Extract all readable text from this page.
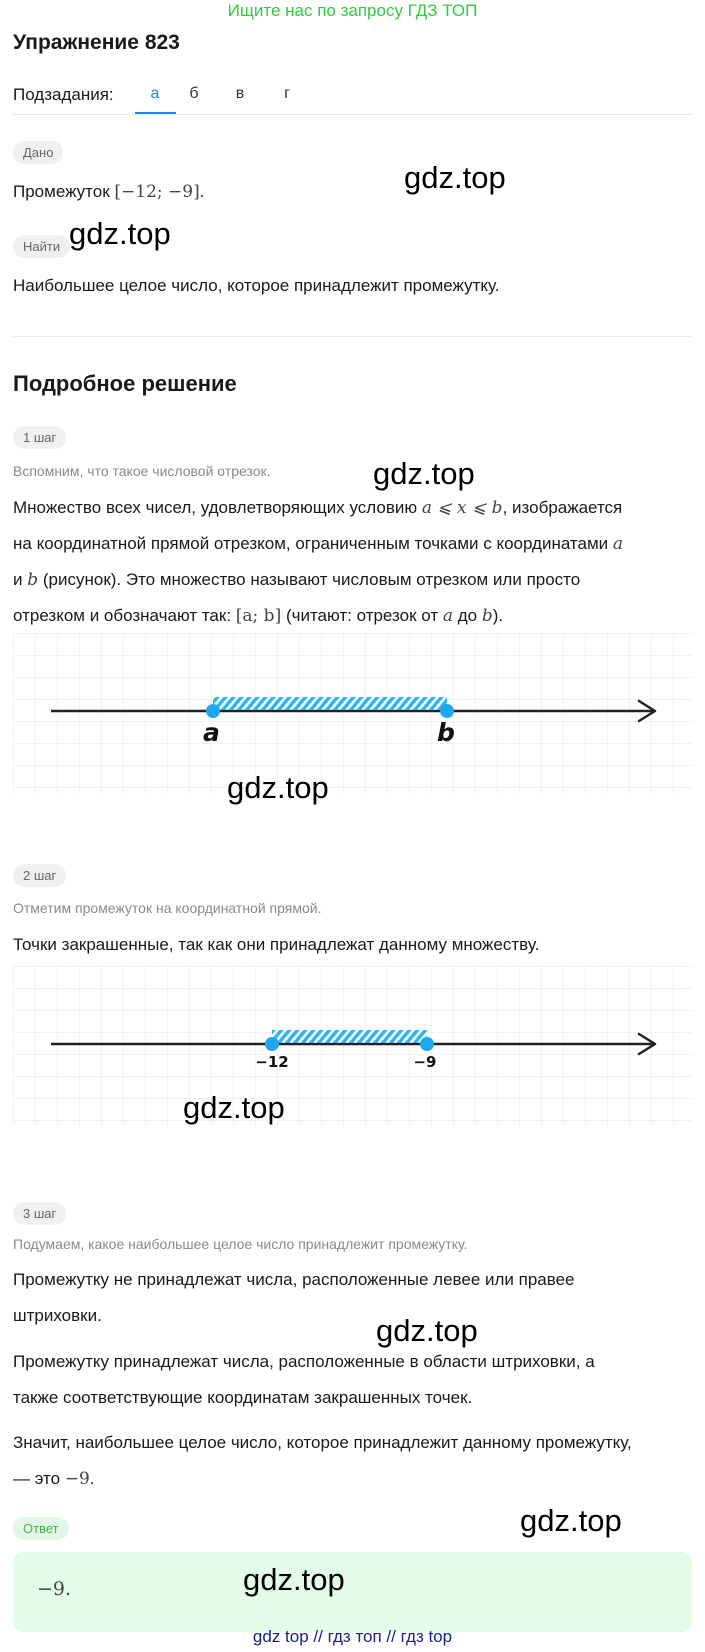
Ищите нас по запросу ГДЗ ТОП
Упражнение 823
Подзадания:	а	б	в	г
Дано
Промежуток [−12; −9].
Найти
Наибольшее целое число, которое принадлежит промежутку.
Подробное решение
1 шаг
Вспомним, что такое числовой отрезок.
Множество всех чисел, удовлетворяющих условию a ⩽ x ⩽ b, изображается
на координатной прямой отрезком, ограниченным точками с координатами a
и b (рисунок). Это множество называют числовым отрезком или просто
отрезком и обозначают так: [a; b] (читают: отрезок от a до b).
a	b
2 шаг
Отметим промежуток на координатной прямой.
Точки закрашенные, так как они принадлежат данному множеству.
−12	−9
3 шаг
Подумаем, какое наибольшее целое число принадлежит промежутку.
Промежутку не принадлежат числа, расположенные левее или правее
штриховки.
Промежутку принадлежат числа, расположенные в области штриховки, а
также соответствующие координатам закрашенных точек.
Значит, наибольшее целое число, которое принадлежит данному промежутку,
— это −9.
Ответ
−9.
gdz.top
gdz.top
gdz.top
gdz.top
gdz.top
gdz.top
gdz.top
gdz.top
gdz top // гдз топ // гдз top
